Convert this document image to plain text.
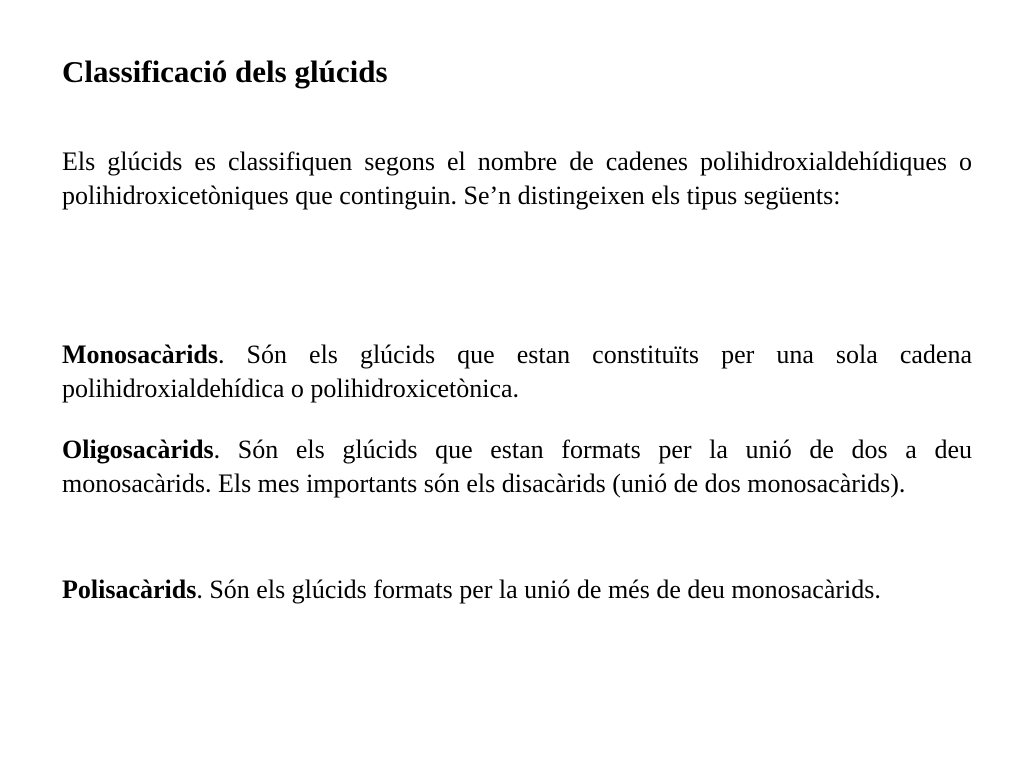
Classificació dels glúcids

Els glúcids es classifiquen segons el nombre de cadenes polihidroxialdehídiques o polihidroxicetòniques que continguin. Se’n distingeixen els tipus següents:

Monosacàrids. Són els glúcids que estan constituïts per una sola cadena polihidroxialdehídica o polihidroxicetònica.

Oligosacàrids. Són els glúcids que estan formats per la unió de dos a deu monosacàrids. Els mes importants són els disacàrids (unió de dos monosacàrids).

Polisacàrids. Són els glúcids formats per la unió de més de deu monosacàrids.
